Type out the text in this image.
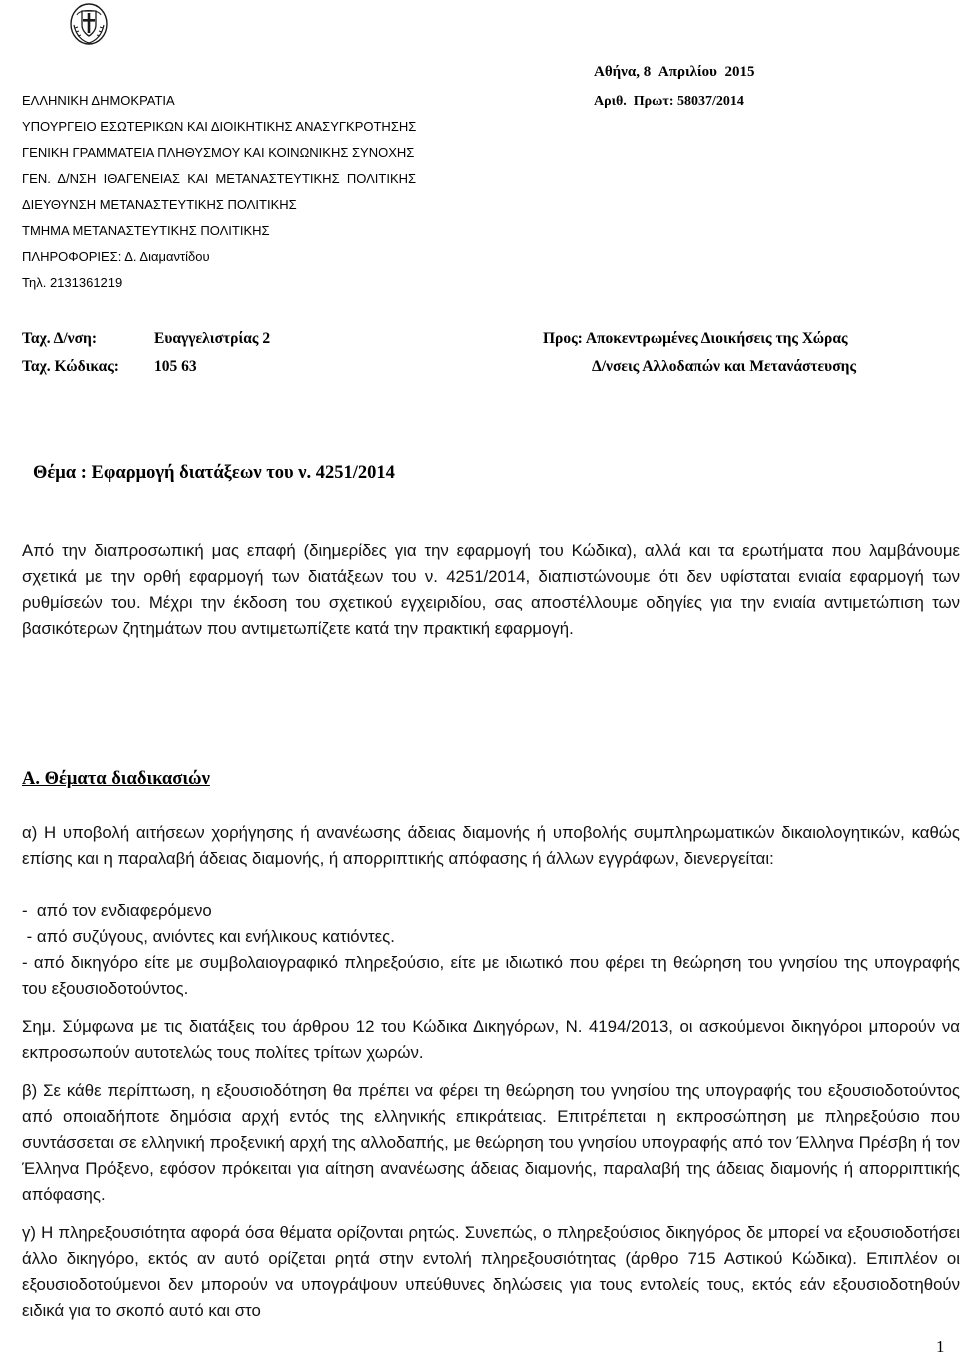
ΕΛΛΗΝΙΚΗ ΔΗΜΟΚΡΑΤΙΑ
ΥΠΟΥΡΓΕΙΟ ΕΣΩΤΕΡΙΚΩΝ ΚΑΙ ΔΙΟΙΚΗΤΙΚΗΣ ΑΝΑΣΥΓΚΡΟΤΗΣΗΣ
ΓΕΝΙΚΗ ΓΡΑΜΜΑΤΕΙΑ ΠΛΗΘΥΣΜΟΥ ΚΑΙ ΚΟΙΝΩΝΙΚΗΣ ΣΥΝΟΧΗΣ
ΓΕΝ.  Δ/ΝΣΗ  ΙΘΑΓΕΝΕΙΑΣ  ΚΑΙ  ΜΕΤΑΝΑΣΤΕΥΤΙΚΗΣ  ΠΟΛΙΤΙΚΗΣ
ΔΙΕΥΘΥΝΣΗ ΜΕΤΑΝΑΣΤΕΥΤΙΚΗΣ ΠΟΛΙΤΙΚΗΣ
ΤΜΗΜΑ ΜΕΤΑΝΑΣΤΕΥΤΙΚΗΣ ΠΟΛΙΤΙΚΗΣ
ΠΛΗΡΟΦΟΡΙΕΣ: Δ. Διαμαντίδου
Τηλ. 2131361219
Αθήνα, 8  Απριλίου  2015
Αριθ.  Πρωτ: 58037/2014
Ταχ. Δ/νση:	Ευαγγελιστρίας 2
Ταχ. Κώδικας: 105 63
Προς: Αποκεντρωμένες Διοικήσεις της Χώρας
Δ/νσεις Αλλοδαπών και Μετανάστευσης
Θέμα : Εφαρμογή διατάξεων του ν. 4251/2014
Από την διαπροσωπική μας επαφή (διημερίδες για την εφαρμογή του Κώδικα), αλλά και τα ερωτήματα που λαμβάνουμε σχετικά με την ορθή εφαρμογή των διατάξεων του ν. 4251/2014, διαπιστώνουμε ότι δεν υφίσταται ενιαία εφαρμογή των ρυθμίσεών του. Μέχρι την έκδοση του σχετικού εγχειριδίου, σας αποστέλλουμε οδηγίες για την ενιαία αντιμετώπιση των βασικότερων ζητημάτων που αντιμετωπίζετε κατά την πρακτική εφαρμογή.
Α. Θέματα διαδικασιών
α) Η υποβολή αιτήσεων χορήγησης ή ανανέωσης άδειας διαμονής ή υποβολής συμπληρωματικών δικαιολογητικών, καθώς επίσης και η παραλαβή άδειας διαμονής, ή απορριπτικής απόφασης ή άλλων εγγράφων, διενεργείται:
-  από τον ενδιαφερόμενο
- από συζύγους, ανιόντες και ενήλικους κατιόντες.
- από δικηγόρο είτε με συμβολαιογραφικό πληρεξούσιο, είτε με ιδιωτικό που φέρει τη θεώρηση του γνησίου της υπογραφής του εξουσιοδοτούντος.
Σημ. Σύμφωνα με τις διατάξεις του άρθρου 12 του Κώδικα Δικηγόρων, Ν. 4194/2013, οι ασκούμενοι δικηγόροι μπορούν να εκπροσωπούν αυτοτελώς τους πολίτες τρίτων χωρών.
β) Σε κάθε περίπτωση, η εξουσιοδότηση θα πρέπει να φέρει τη θεώρηση του γνησίου της υπογραφής του εξουσιοδοτούντος από οποιαδήποτε δημόσια αρχή εντός της ελληνικής επικράτειας. Επιτρέπεται η εκπροσώπηση με πληρεξούσιο που συντάσσεται σε ελληνική προξενική αρχή της αλλοδαπής, με θεώρηση του γνησίου υπογραφής από τον Έλληνα Πρέσβη ή τον Έλληνα Πρόξενο, εφόσον πρόκειται για αίτηση ανανέωσης άδειας διαμονής, παραλαβή της άδειας διαμονής ή απορριπτικής απόφασης.
γ) Η πληρεξουσιότητα αφορά όσα θέματα ορίζονται ρητώς. Συνεπώς, ο πληρεξούσιος δικηγόρος δε μπορεί να εξουσιοδοτήσει άλλο δικηγόρο, εκτός αν αυτό ορίζεται ρητά στην εντολή πληρεξουσιότητας (άρθρο 715 Αστικού Κώδικα). Επιπλέον οι εξουσιοδοτούμενοι δεν μπορούν να υπογράψουν υπεύθυνες δηλώσεις για τους εντολείς τους, εκτός εάν εξουσιοδοτηθούν ειδικά για το σκοπό αυτό και στο
1
